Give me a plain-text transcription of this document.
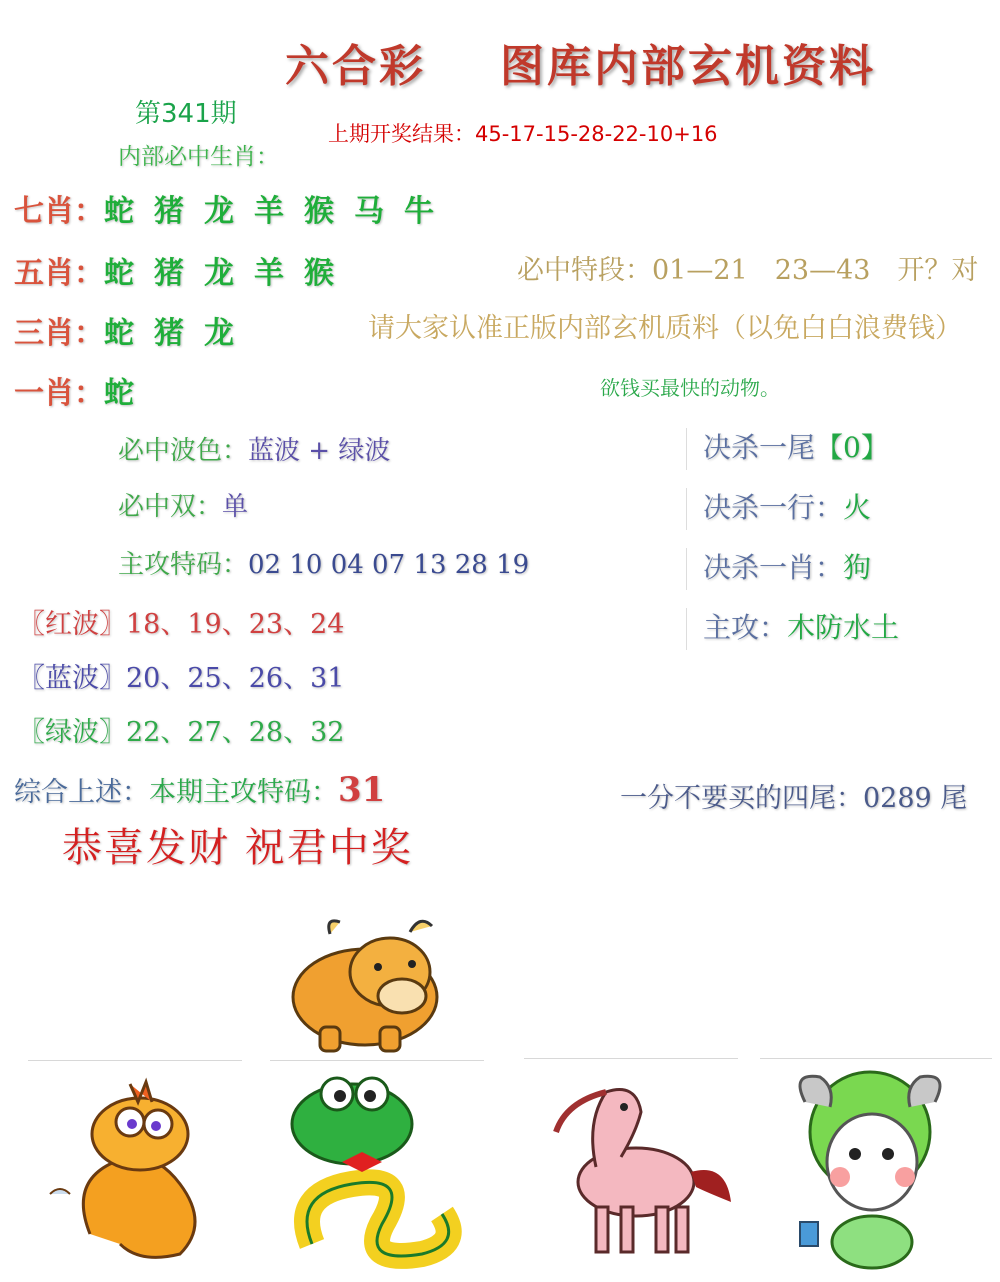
六合彩 图库内部玄机资料
第341期
上期开奖结果：45-17-15-28-22-10+16
内部必中生肖：
七肖：蛇猪龙羊猴马牛
五肖：蛇猪龙羊猴
三肖：蛇猪龙
一肖：蛇
必中特段：01—21　23—43　开？对
请大家认准正版内部玄机质料（以免白白浪费钱）
欲钱买最快的动物。
必中波色：蓝波 + 绿波
必中双：单
主攻特码：02 10 04 07 13 28 19
决杀一尾【0】
决杀一行：火
决杀一肖：狗
主攻：木防水土
〖红波〗18、19、23、24
〖蓝波〗20、25、26、31
〖绿波〗22、27、28、32
综合上述：本期主攻特码：31	一分不要买的四尾：0289 尾
恭喜发财 祝君中奖
